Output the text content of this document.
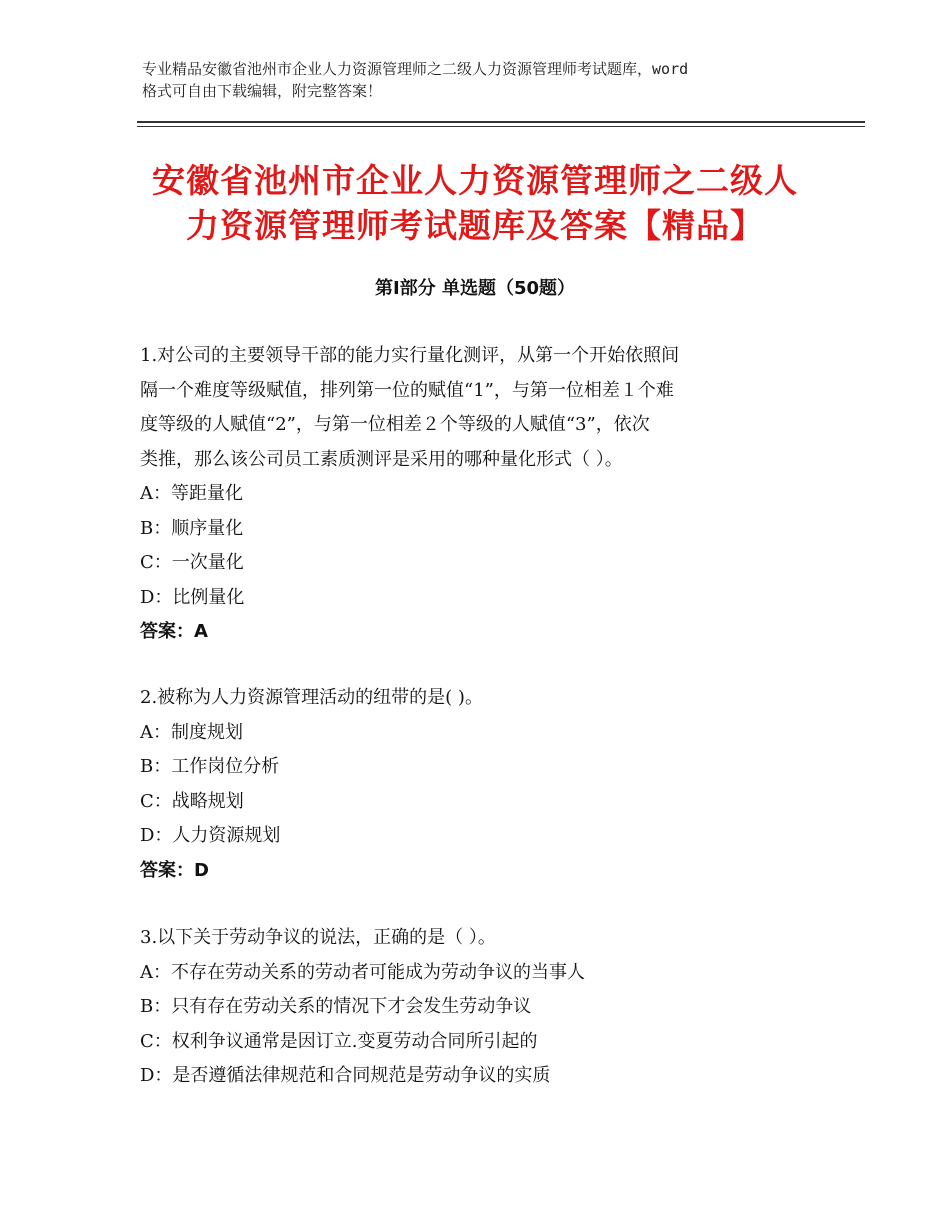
专业精品安徽省池州市企业人力资源管理师之二级人力资源管理师考试题库，word
格式可自由下载编辑，附完整答案！
安徽省池州市企业人力资源管理师之二级人
力资源管理师考试题库及答案【精品】
第Ⅰ部分 单选题（50题）

1.对公司的主要领导干部的能力实行量化测评，从第一个开始依照间

隔一个难度等级赋值，排列第一位的赋值“1”，与第一位相差１个难

度等级的人赋值“2”，与第一位相差２个等级的人赋值“3”，依次

类推，那么该公司员工素质测评是采用的哪种量化形式（ ）。

A：等距量化

B：顺序量化

C：一次量化

D：比例量化

答案：A

2.被称为人力资源管理活动的纽带的是( )。

A：制度规划

B：工作岗位分析

C：战略规划

D：人力资源规划

答案：D

3.以下关于劳动争议的说法，正确的是（ ）。

A：不存在劳动关系的劳动者可能成为劳动争议的当事人

B：只有存在劳动关系的情况下才会发生劳动争议

C：权利争议通常是因订立.变夏劳动合同所引起的

D：是否遵循法律规范和合同规范是劳动争议的实质
